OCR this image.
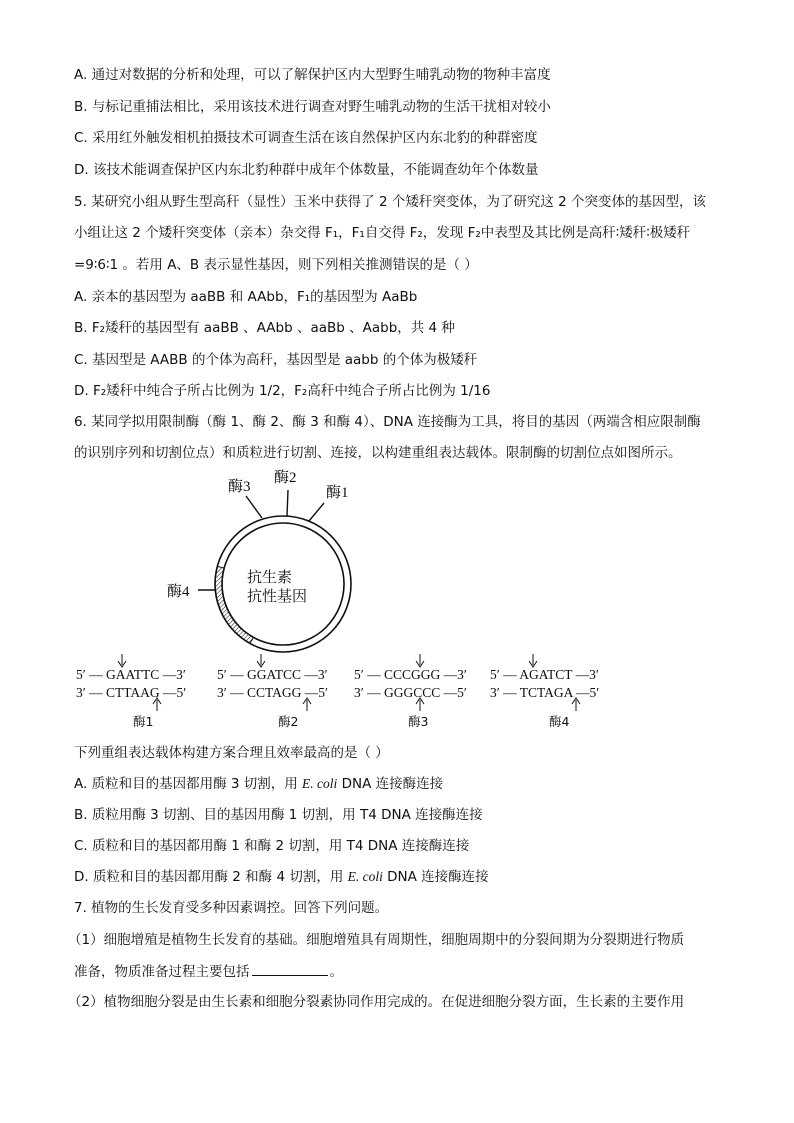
A. 通过对数据的分析和处理，可以了解保护区内大型野生哺乳动物的物种丰富度
B. 与标记重捕法相比，采用该技术进行调查对野生哺乳动物的生活干扰相对较小
C. 采用红外触发相机拍摄技术可调查生活在该自然保护区内东北豹的种群密度
D. 该技术能调查保护区内东北豹种群中成年个体数量，不能调查幼年个体数量
5. 某研究小组从野生型高秆（显性）玉米中获得了 2 个矮秆突变体，为了研究这 2 个突变体的基因型，该
小组让这 2 个矮秆突变体（亲本）杂交得 F₁，F₁自交得 F₂，发现 F₂中表型及其比例是高秆∶矮秆∶极矮秆
=9∶6∶1 。若用 A、B 表示显性基因，则下列相关推测错误的是（ ）
A. 亲本的基因型为 aaBB 和 AAbb，F₁的基因型为 AaBb
B. F₂矮秆的基因型有 aaBB 、AAbb 、aaBb 、Aabb，共 4 种
C. 基因型是 AABB 的个体为高秆，基因型是 aabb 的个体为极矮秆
D. F₂矮秆中纯合子所占比例为 1/2，F₂高秆中纯合子所占比例为 1/16
6. 某同学拟用限制酶（酶 1、酶 2、酶 3 和酶 4）、DNA 连接酶为工具，将目的基因（两端含相应限制酶
的识别序列和切割位点）和质粒进行切割、连接，以构建重组表达载体。限制酶的切割位点如图所示。
酶3
酶2
酶1
酶4
抗生素
抗性基因
5′ — GAATTC —3′
3′ — CTTAAG —5′
酶1
5′ — GGATCC —3′
3′ — CCTAGG —5′
酶2
5′ — CCCGGG —3′
3′ — GGGCCC —5′
酶3
5′ — AGATCT —3′
3′ — TCTAGA —5′
酶4
下列重组表达载体构建方案合理且效率最高的是（ ）
A. 质粒和目的基因都用酶 3 切割，用 E. coli DNA 连接酶连接
B. 质粒用酶 3 切割、目的基因用酶 1 切割，用 T4 DNA 连接酶连接
C. 质粒和目的基因都用酶 1 和酶 2 切割，用 T4 DNA 连接酶连接
D. 质粒和目的基因都用酶 2 和酶 4 切割，用 E. coli DNA 连接酶连接
7. 植物的生长发育受多种因素调控。回答下列问题。
（1）细胞增殖是植物生长发育的基础。细胞增殖具有周期性，细胞周期中的分裂间期为分裂期进行物质
准备，物质准备过程主要包括	。
（2）植物细胞分裂是由生长素和细胞分裂素协同作用完成的。在促进细胞分裂方面，生长素的主要作用
